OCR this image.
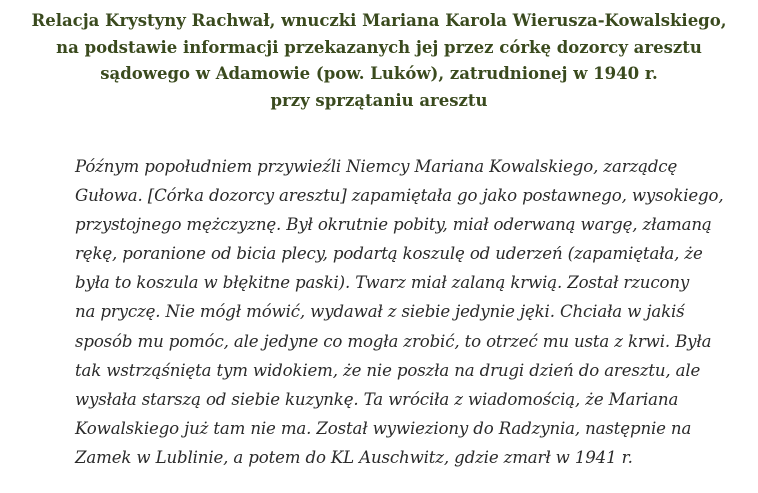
Relacja Krystyny Rachwał, wnuczki Mariana Karola Wierusza-Kowalskiego,
na podstawie informacji przekazanych jej przez córkę dozorcy aresztu
sądowego w Adamowie (pow. Luków), zatrudnionej w 1940 r.
przy sprzątaniu aresztu

Późnym popołudniem przywieźli Niemcy Mariana Kowalskiego, zarządcę
Gułowa. [Córka dozorcy aresztu] zapamiętała go jako postawnego, wysokiego,
przystojnego mężczyznę. Był okrutnie pobity, miał oderwaną wargę, złamaną
rękę, poranione od bicia plecy, podartą koszulę od uderzeń (zapamiętała, że
była to koszula w błękitne paski). Twarz miał zalaną krwią. Został rzucony
na pryczę. Nie mógł mówić, wydawał z siebie jedynie jęki. Chciała w jakiś
sposób mu pomóc, ale jedyne co mogła zrobić, to otrzeć mu usta z krwi. Była
tak wstrząśnięta tym widokiem, że nie poszła na drugi dzień do aresztu, ale
wysłała starszą od siebie kuzynkę. Ta wróciła z wiadomością, że Mariana
Kowalskiego już tam nie ma. Został wywieziony do Radzynia, następnie na
Zamek w Lublinie, a potem do KL Auschwitz, gdzie zmarł w 1941 r.
